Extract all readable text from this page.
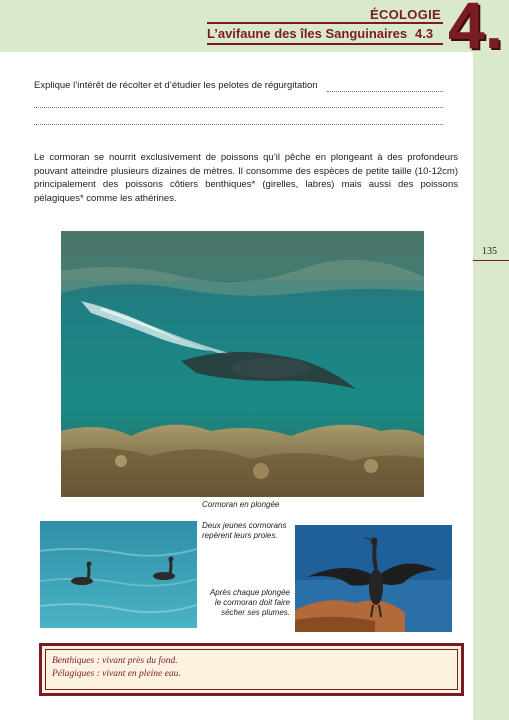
ÉCOLOGIE
L’avifaune des îles Sanguinaires 4.3 4.
135
Explique l’intérêt de récolter et d’étudier les pelotes de régurgitation
Le cormoran se nourrit exclusivement de poissons qu’il pêche en plongeant à des profondeurs pouvant atteindre plusieurs dizaines de mètres. Il consomme des espèces de petite taille (10-12cm) principalement des poissons côtiers benthiques* (girelles, labres) mais aussi des poissons pélagiques* comme les athérines.
Cormoran en plongée
Deux jeunes cormorans
repèrent leurs proies.
Après chaque plongée
le cormoran doit faire
sécher ses plumes.
Benthiques : vivant près du fond.
Pélagiques : vivant en pleine eau.
